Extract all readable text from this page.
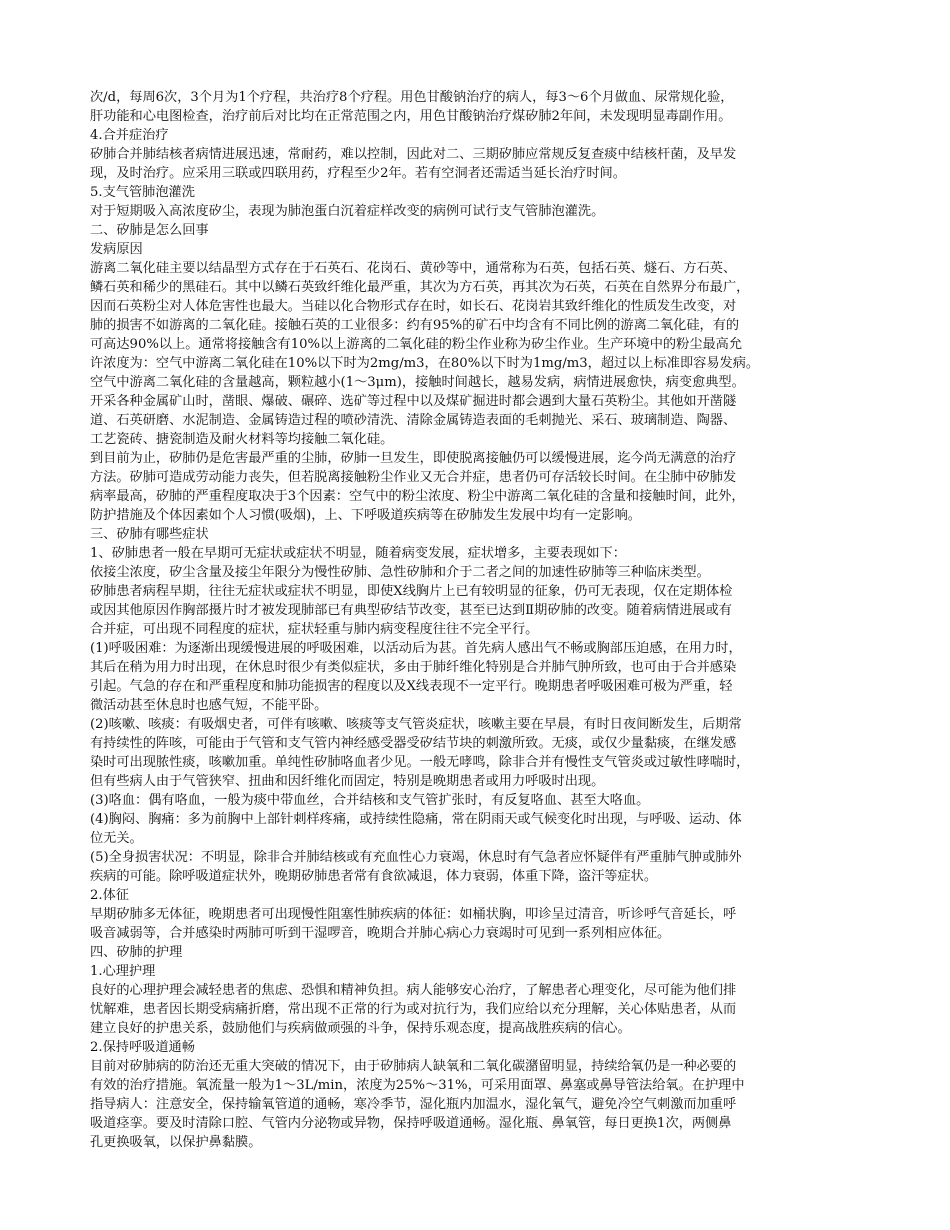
次/d，每周6次，3个月为1个疗程，共治疗8个疗程。用色甘酸钠治疗的病人，每3～6个月做血、尿常规化验，

肝功能和心电图检查，治疗前后对比均在正常范围之内，用色甘酸钠治疗煤矽肺2年间，未发现明显毒副作用。

4.合并症治疗

矽肺合并肺结核者病情进展迅速，常耐药，难以控制，因此对二、三期矽肺应常规反复查痰中结核杆菌，及早发

现，及时治疗。应采用三联或四联用药，疗程至少2年。若有空洞者还需适当延长治疗时间。

5.支气管肺泡灌洗

对于短期吸入高浓度矽尘，表现为肺泡蛋白沉着症样改变的病例可试行支气管肺泡灌洗。

二、矽肺是怎么回事

发病原因

游离二氧化硅主要以结晶型方式存在于石英石、花岗石、黄砂等中，通常称为石英，包括石英、燧石、方石英、

鳞石英和稀少的黑硅石。其中以鳞石英致纤维化最严重，其次为方石英，再其次为石英，石英在自然界分布最广，

因而石英粉尘对人体危害性也最大。当硅以化合物形式存在时，如长石、花岗岩其致纤维化的性质发生改变，对

肺的损害不如游离的二氧化硅。接触石英的工业很多：约有95%的矿石中均含有不同比例的游离二氧化硅，有的

可高达90%以上。通常将接触含有10%以上游离的二氧化硅的粉尘作业称为矽尘作业。生产环境中的粉尘最高允

许浓度为：空气中游离二氧化硅在10%以下时为2mg/m3，在80%以下时为1mg/m3，超过以上标准即容易发病。

空气中游离二氧化硅的含量越高，颗粒越小(1～3μm)，接触时间越长，越易发病，病情进展愈快，病变愈典型。

开采各种金属矿山时，凿眼、爆破、碾碎、选矿等过程中以及煤矿掘进时都会遇到大量石英粉尘。其他如开凿隧

道、石英研磨、水泥制造、金属铸造过程的喷砂清洗、清除金属铸造表面的毛刺抛光、采石、玻璃制造、陶器、

工艺瓷砖、搪瓷制造及耐火材料等均接触二氧化硅。

到目前为止，矽肺仍是危害最严重的尘肺，矽肺一旦发生，即使脱离接触仍可以缓慢进展，迄今尚无满意的治疗

方法。矽肺可造成劳动能力丧失，但若脱离接触粉尘作业又无合并症，患者仍可存活较长时间。在尘肺中矽肺发

病率最高，矽肺的严重程度取决于3个因素：空气中的粉尘浓度、粉尘中游离二氧化硅的含量和接触时间，此外，

防护措施及个体因素如个人习惯(吸烟)，上、下呼吸道疾病等在矽肺发生发展中均有一定影响。

三、矽肺有哪些症状

1、矽肺患者一般在早期可无症状或症状不明显，随着病变发展，症状增多，主要表现如下：

依接尘浓度，矽尘含量及接尘年限分为慢性矽肺、急性矽肺和介于二者之间的加速性矽肺等三种临床类型。

矽肺患者病程早期，往往无症状或症状不明显，即使X线胸片上已有较明显的征象，仍可无表现，仅在定期体检

或因其他原因作胸部摄片时才被发现肺部已有典型矽结节改变，甚至已达到Ⅱ期矽肺的改变。随着病情进展或有

合并症，可出现不同程度的症状，症状轻重与肺内病变程度往往不完全平行。

(1)呼吸困难：为逐渐出现缓慢进展的呼吸困难，以活动后为甚。首先病人感出气不畅或胸部压迫感，在用力时，

其后在稍为用力时出现，在休息时很少有类似症状，多由于肺纤维化特别是合并肺气肿所致，也可由于合并感染

引起。气急的存在和严重程度和肺功能损害的程度以及X线表现不一定平行。晚期患者呼吸困难可极为严重，轻

微活动甚至休息时也感气短，不能平卧。

(2)咳嗽、咳痰：有吸烟史者，可伴有咳嗽、咳痰等支气管炎症状，咳嗽主要在早晨，有时日夜间断发生，后期常

有持续性的阵咳，可能由于气管和支气管内神经感受器受矽结节块的刺激所致。无痰，或仅少量黏痰，在继发感

染时可出现脓性痰，咳嗽加重。单纯性矽肺咯血者少见。一般无哮鸣，除非合并有慢性支气管炎或过敏性哮喘时，

但有些病人由于气管狭窄、扭曲和因纤维化而固定，特别是晚期患者或用力呼吸时出现。

(3)咯血：偶有咯血，一般为痰中带血丝，合并结核和支气管扩张时，有反复咯血、甚至大咯血。

(4)胸闷、胸痛：多为前胸中上部针刺样疼痛，或持续性隐痛，常在阴雨天或气候变化时出现，与呼吸、运动、体

位无关。

(5)全身损害状况：不明显，除非合并肺结核或有充血性心力衰竭，休息时有气急者应怀疑伴有严重肺气肿或肺外

疾病的可能。除呼吸道症状外，晚期矽肺患者常有食欲减退，体力衰弱，体重下降，盗汗等症状。

2.体征

早期矽肺多无体征，晚期患者可出现慢性阻塞性肺疾病的体征：如桶状胸，叩诊呈过清音，听诊呼气音延长，呼

吸音减弱等，合并感染时两肺可听到干湿啰音，晚期合并肺心病心力衰竭时可见到一系列相应体征。

四、矽肺的护理

1.心理护理

良好的心理护理会减轻患者的焦虑、恐惧和精神负担。病人能够安心治疗，了解患者心理变化，尽可能为他们排

忧解难，患者因长期受病痛折磨，常出现不正常的行为或对抗行为，我们应给以充分理解，关心体贴患者，从而

建立良好的护患关系，鼓励他们与疾病做顽强的斗争，保持乐观态度，提高战胜疾病的信心。

2.保持呼吸道通畅

目前对矽肺病的防治还无重大突破的情况下，由于矽肺病人缺氧和二氧化碳潴留明显，持续给氧仍是一种必要的

有效的治疗措施。氧流量一般为1～3L/min，浓度为25%～31%，可采用面罩、鼻塞或鼻导管法给氧。在护理中

指导病人：注意安全，保持输氧管道的通畅，寒冷季节，湿化瓶内加温水，湿化氧气，避免冷空气刺激而加重呼

吸道痉挛。要及时清除口腔、气管内分泌物或异物，保持呼吸道通畅。湿化瓶、鼻氧管，每日更换1次，两侧鼻

孔更换吸氧，以保护鼻黏膜。
